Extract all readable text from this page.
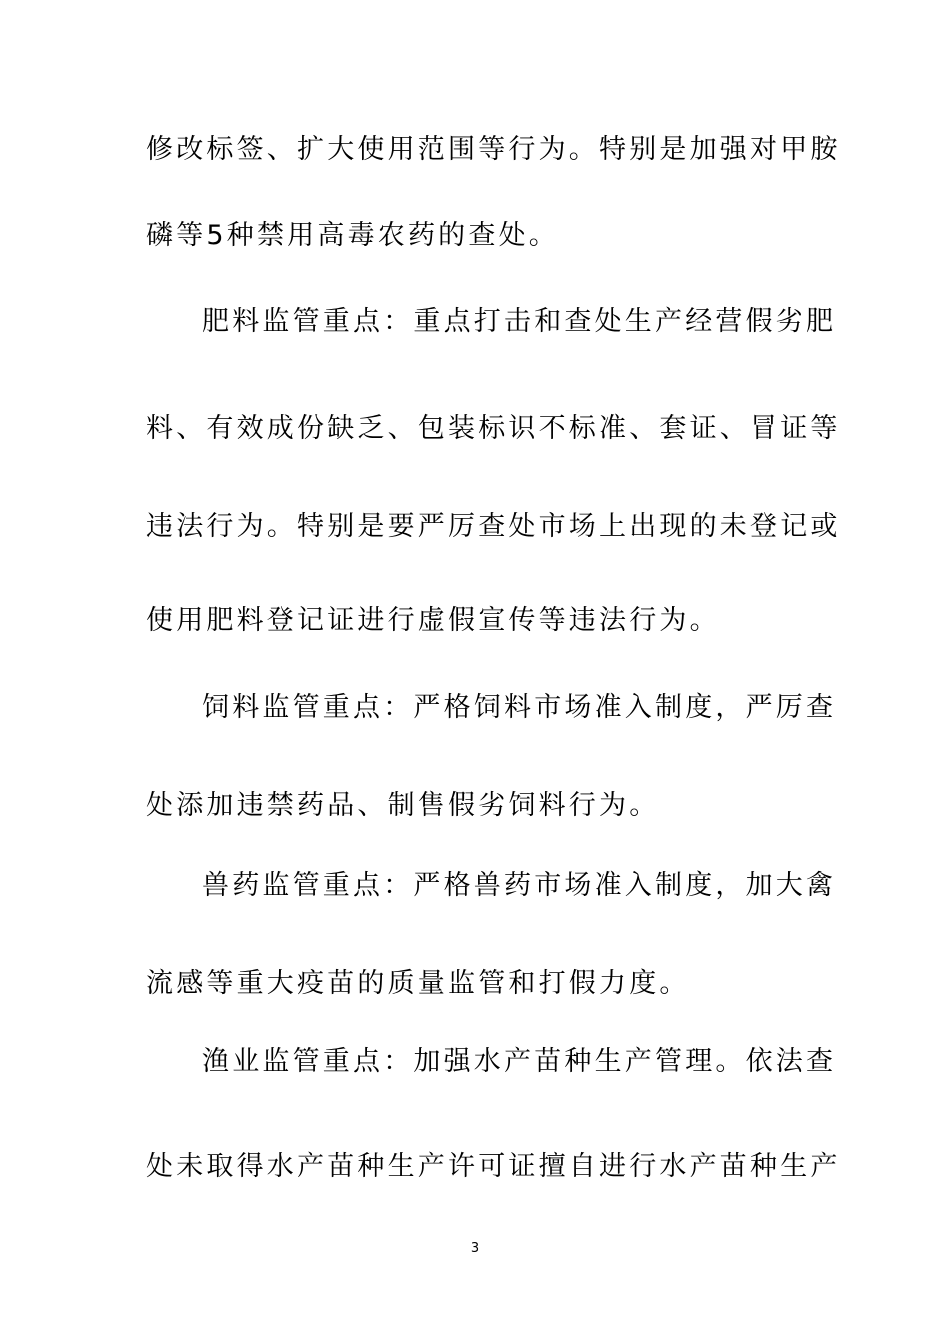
修改标签、扩大使用范围等行为。特别是加强对甲胺
磷等5种禁用高毒农药的查处。
肥料监管重点：重点打击和查处生产经营假劣肥
料、有效成份缺乏、包装标识不标准、套证、冒证等
违法行为。特别是要严厉查处市场上出现的未登记或
使用肥料登记证进行虚假宣传等违法行为。
饲料监管重点：严格饲料市场准入制度，严厉查
处添加违禁药品、制售假劣饲料行为。
兽药监管重点：严格兽药市场准入制度，加大禽
流感等重大疫苗的质量监管和打假力度。
渔业监管重点：加强水产苗种生产管理。依法查
处未取得水产苗种生产许可证擅自进行水产苗种生产
3
